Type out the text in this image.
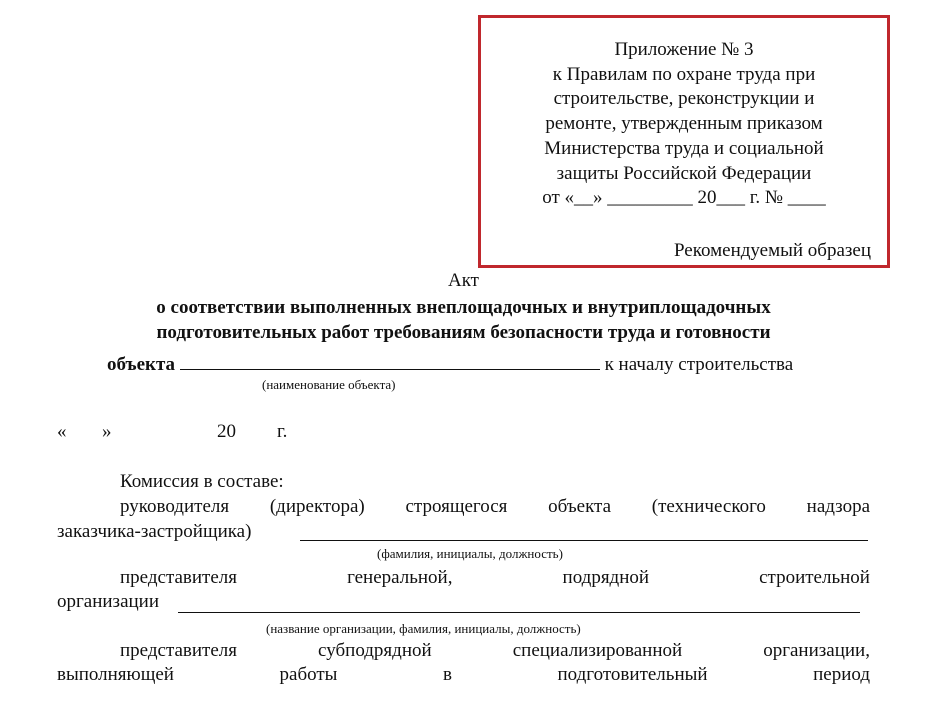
Приложение № 3
к Правилам по охране труда при
строительстве, реконструкции и
ремонте, утвержденным приказом
Министерства труда и социальной
защиты Российской Федерации
от «__» _________ 20___ г. № ____
Рекомендуемый образец
Акт
о соответствии выполненных внеплощадочных и внутриплощадочных
подготовительных работ требованиям безопасности труда и готовности
объекта	к началу строительства
(наименование объекта)
« »	20 г.
Комиссия в составе:
руководителя (директора) строящегося объекта (технического надзора
заказчика-застройщика)
(фамилия, инициалы, должность)
представителя	генеральной,	подрядной	строительной
организации
(название организации, фамилия, инициалы, должность)
представителя	субподрядной	специализированной	организации,
выполняющей	работы	в	подготовительный	период
